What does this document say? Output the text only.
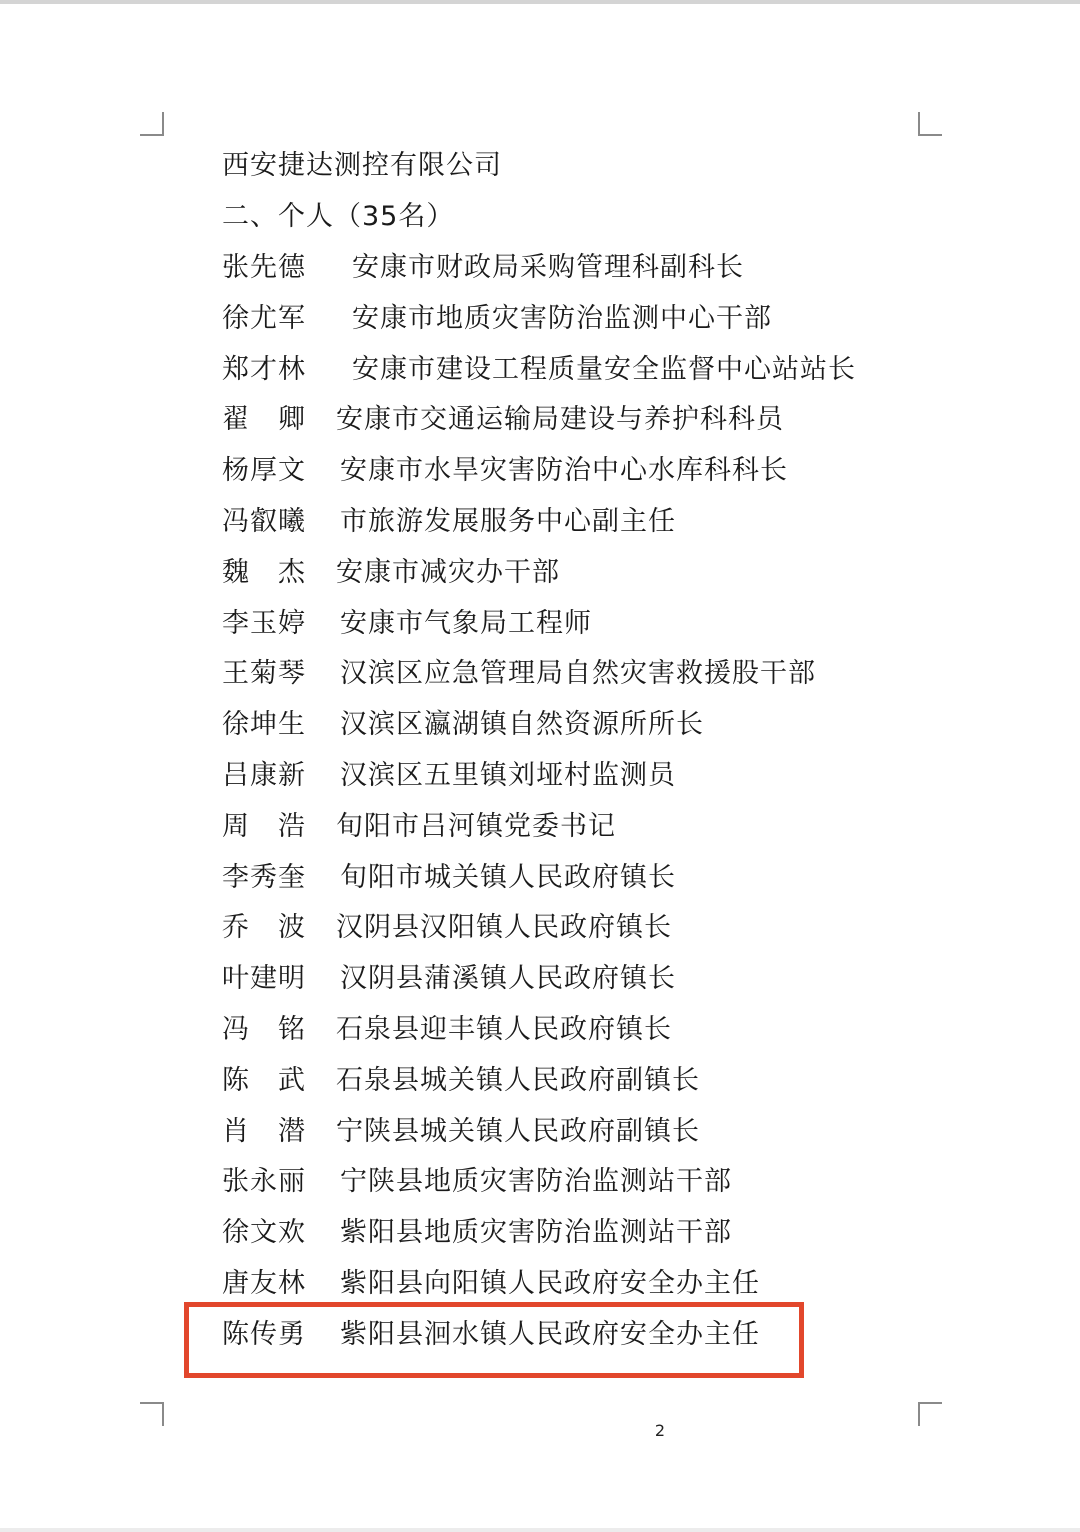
西安捷达测控有限公司
二、个人（35名）
张先德 安康市财政局采购管理科副科长
徐尤军 安康市地质灾害防治监测中心干部
郑才林 安康市建设工程质量安全监督中心站站长
翟　卿 安康市交通运输局建设与养护科科员
杨厚文 安康市水旱灾害防治中心水库科科长
冯叡曦 市旅游发展服务中心副主任
魏　杰 安康市减灾办干部
李玉婷 安康市气象局工程师
王菊琴 汉滨区应急管理局自然灾害救援股干部
徐坤生 汉滨区瀛湖镇自然资源所所长
吕康新 汉滨区五里镇刘垭村监测员
周　浩 旬阳市吕河镇党委书记
李秀奎 旬阳市城关镇人民政府镇长
乔　波 汉阴县汉阳镇人民政府镇长
叶建明 汉阴县蒲溪镇人民政府镇长
冯　铭 石泉县迎丰镇人民政府镇长
陈　武 石泉县城关镇人民政府副镇长
肖　潜 宁陕县城关镇人民政府副镇长
张永丽 宁陕县地质灾害防治监测站干部
徐文欢 紫阳县地质灾害防治监测站干部
唐友林 紫阳县向阳镇人民政府安全办主任
陈传勇 紫阳县洄水镇人民政府安全办主任
2
